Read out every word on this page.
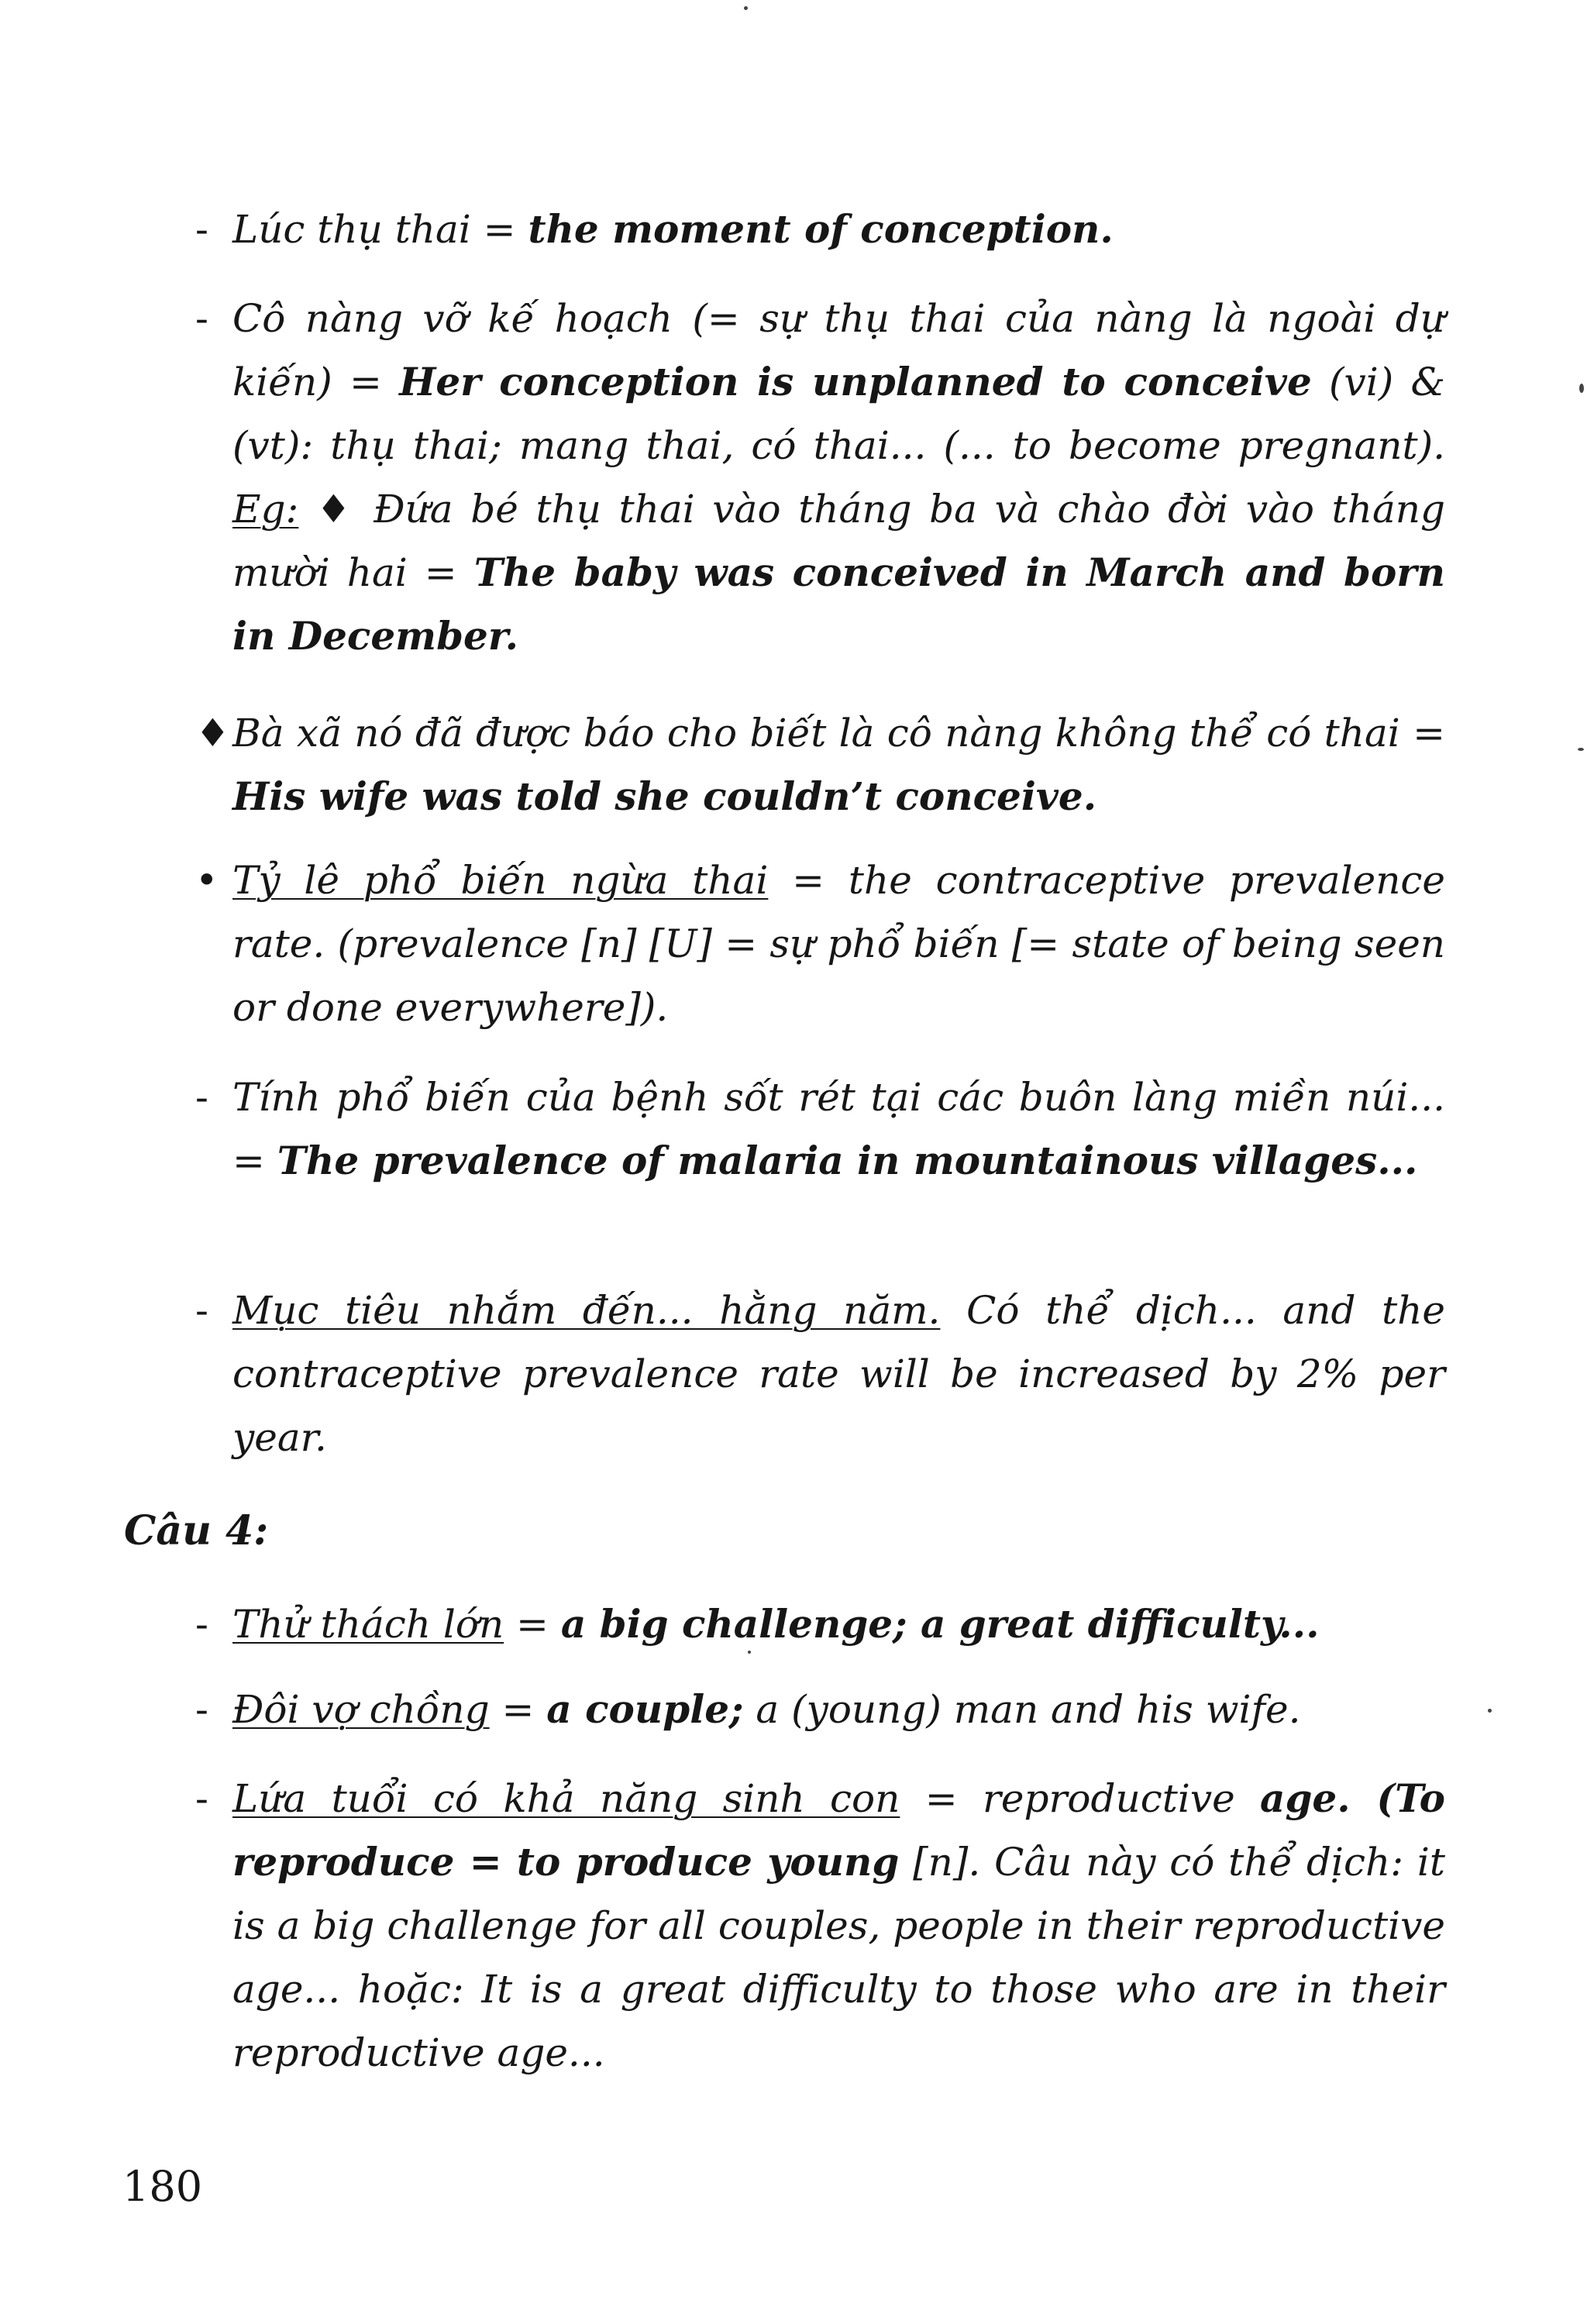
- Lúc thụ thai = the moment of conception.

- Cô nàng vỡ kế hoạch (= sự thụ thai của nàng là ngoài dự kiến) = Her conception is unplanned to conceive (vi) & (vt): thụ thai; mang thai, có thai... (... to become pregnant). Eg: ♦ Đứa bé thụ thai vào tháng ba và chào đời vào tháng mười hai = The baby was conceived in March and born in December.

♦ Bà xã nó đã được báo cho biết là cô nàng không thể có thai = His wife was told she couldn’t conceive.

• Tỷ lê phổ biến ngừa thai = the contraceptive prevalence rate. (prevalence [n] [U] = sự phổ biến [= state of being seen or done everywhere]).

- Tính phổ biến của bệnh sốt rét tại các buôn làng miền núi... = The prevalence of malaria in mountainous villages...

- Mục tiêu nhắm đến... hằng năm. Có thể dịch... and the contraceptive prevalence rate will be increased by 2% per year.

Câu 4:
- Thử thách lớn = a big challenge; a great difficulty...

- Đôi vợ chồng = a couple; a (young) man and his wife.

- Lứa tuổi có khả năng sinh con = reproductive age. (To reproduce = to produce young [n]. Câu này có thể dịch: it is a big challenge for all couples, people in their reproductive age... hoặc: It is a great difficulty to those who are in their reproductive age...

180
